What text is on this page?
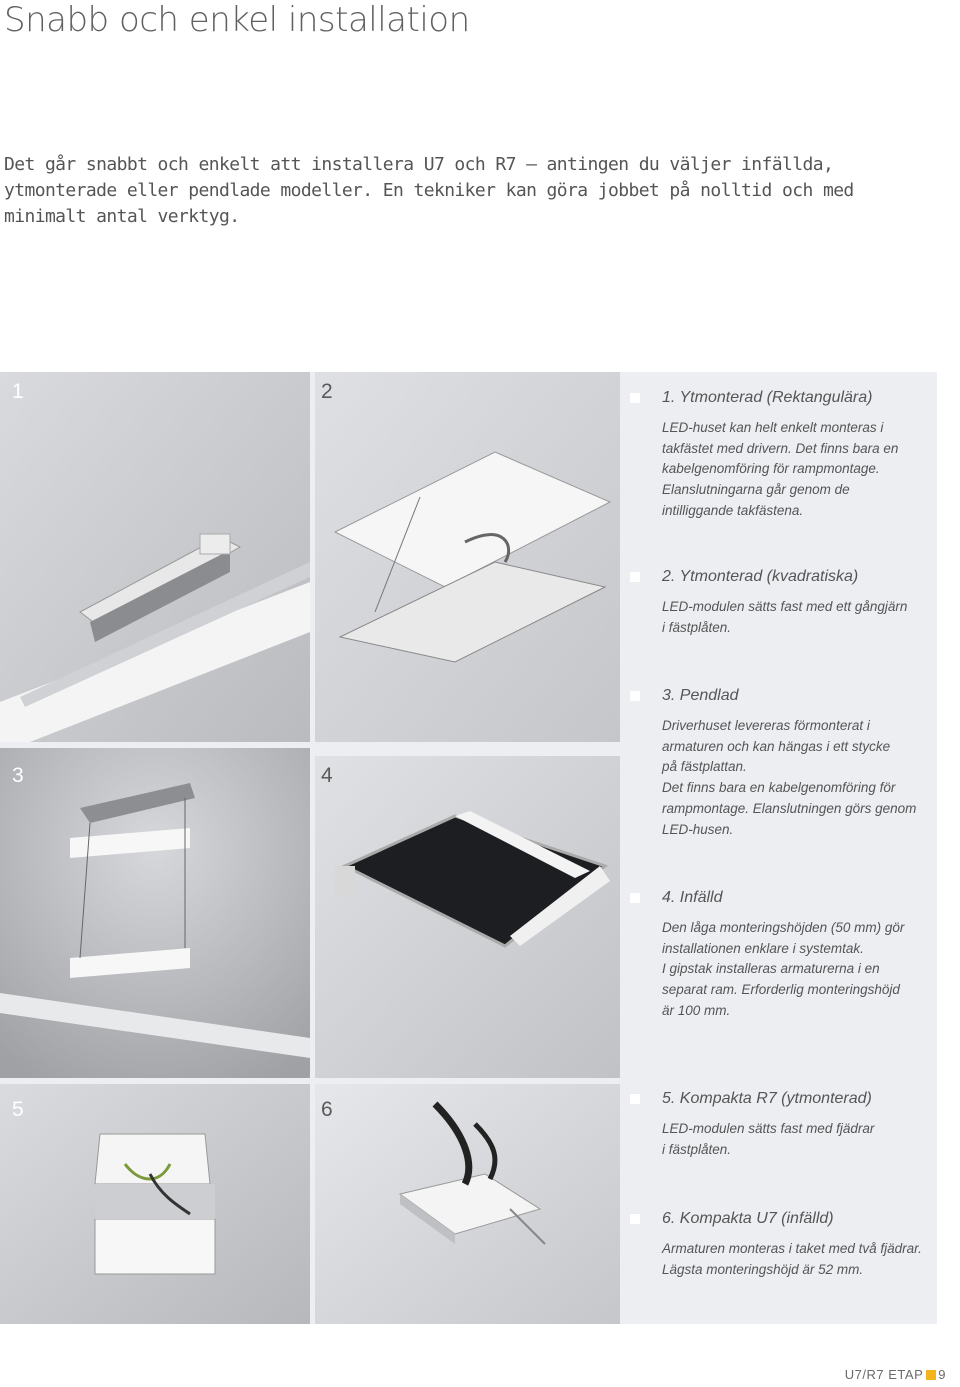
Snabb och enkel installation
Det går snabbt och enkelt att installera U7 och R7 – antingen du väljer infällda, ytmonterade eller pendlade modeller. En tekniker kan göra jobbet på nolltid och med minimalt antal verktyg.
1	2
3	4
5	6
1. Ytmonterad (Rektangulära)
LED-huset kan helt enkelt monteras i
takfästet med drivern. Det finns bara en
kabelgenomföring för rampmontage.
Elanslutningarna går genom de
intilliggande takfästena.
2. Ytmonterad (kvadratiska)
LED-modulen sätts fast med ett gångjärn
i fästplåten.
3. Pendlad
Driverhuset levereras förmonterat i
armaturen och kan hängas i ett stycke
på fästplattan.
Det finns bara en kabelgenomföring för
rampmontage. Elanslutningen görs genom
LED-husen.
4. Infälld
Den låga monteringshöjden (50 mm) gör
installationen enklare i systemtak.
I gipstak installeras armaturerna i en
separat ram. Erforderlig monteringshöjd
är 100 mm.
5. Kompakta R7 (ytmonterad)
LED-modulen sätts fast med fjädrar
i fästplåten.
6. Kompakta U7 (infälld)
Armaturen monteras i taket med två fjädrar.
Lägsta monteringshöjd är 52 mm.
U7/R7 ETAP 9
